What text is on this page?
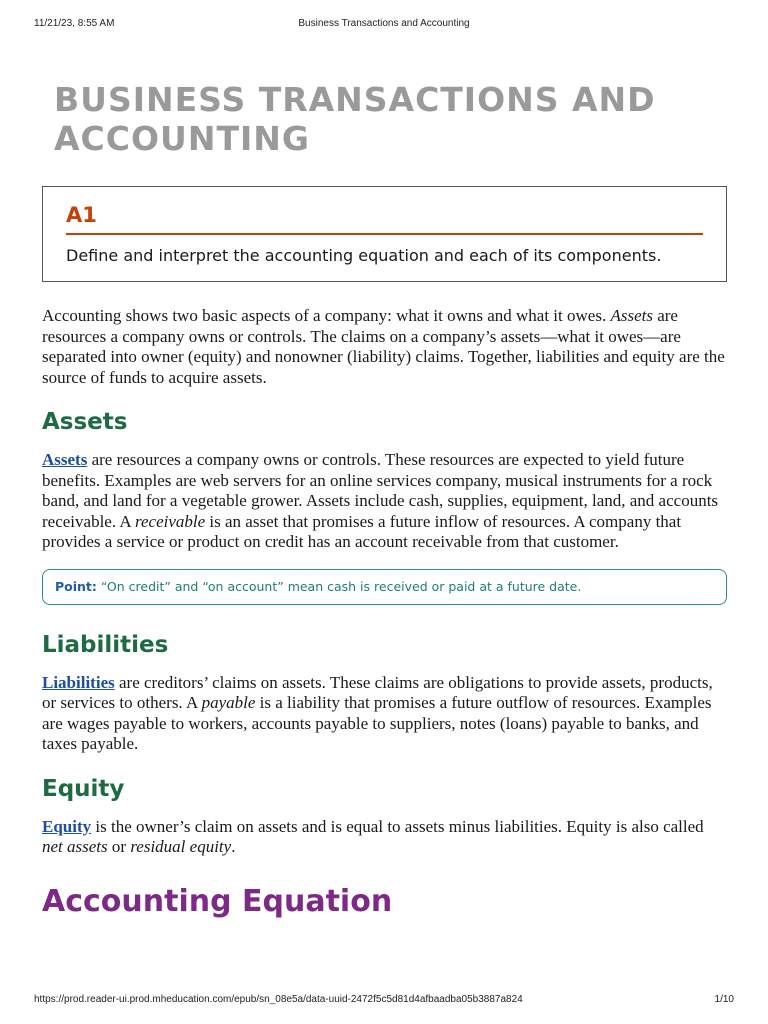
11/21/23, 8:55 AM	Business Transactions and Accounting
BUSINESS TRANSACTIONS AND ACCOUNTING
A1
Define and interpret the accounting equation and each of its components.

Accounting shows two basic aspects of a company: what it owns and what it owes. Assets are resources a company owns or controls. The claims on a company’s assets—what it owes—are separated into owner (equity) and nonowner (liability) claims. Together, liabilities and equity are the source of funds to acquire assets.

Assets

Assets are resources a company owns or controls. These resources are expected to yield future benefits. Examples are web servers for an online services company, musical instruments for a rock band, and land for a vegetable grower. Assets include cash, supplies, equipment, land, and accounts receivable. A receivable is an asset that promises a future inflow of resources. A company that provides a service or product on credit has an account receivable from that customer.

Point: “On credit” and “on account” mean cash is received or paid at a future date.
Liabilities

Liabilities are creditors’ claims on assets. These claims are obligations to provide assets, products, or services to others. A payable is a liability that promises a future outflow of resources. Examples are wages payable to workers, accounts payable to suppliers, notes (loans) payable to banks, and taxes payable.

Equity

Equity is the owner’s claim on assets and is equal to assets minus liabilities. Equity is also called net assets or residual equity.

Accounting Equation
https://prod.reader-ui.prod.mheducation.com/epub/sn_08e5a/data-uuid-2472f5c5d81d4afbaadba05b3887a824	1/10
